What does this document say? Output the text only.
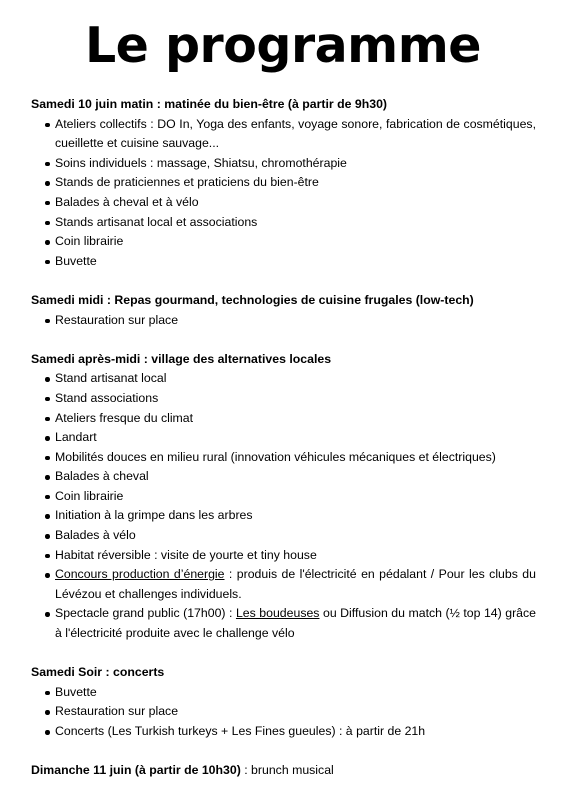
Le programme

Samedi 10 juin matin : matinée du bien-être (à partir de 9h30)

Ateliers collectifs : DO In, Yoga des enfants, voyage sonore, fabrication de cosmétiques, cueillette et cuisine sauvage...
Soins individuels : massage, Shiatsu, chromothérapie
Stands de praticiennes et praticiens du bien-être
Balades à cheval et à vélo
Stands artisanat local et associations
Coin librairie
Buvette

Samedi midi : Repas gourmand, technologies de cuisine frugales (low-tech)

Restauration sur place

Samedi après-midi : village des alternatives locales

Stand artisanat local
Stand associations
Ateliers fresque du climat
Landart
Mobilités douces en milieu rural (innovation véhicules mécaniques et électriques)
Balades à cheval
Coin librairie
Initiation à la grimpe dans les arbres
Balades à vélo
Habitat réversible : visite de yourte et tiny house
Concours production d’énergie : produis de l'électricité en pédalant / Pour les clubs du Lévézou et challenges individuels.
Spectacle grand public (17h00) : Les boudeuses ou Diffusion du match (½ top 14) grâce à l'électricité produite avec le challenge vélo

Samedi Soir : concerts

Buvette
Restauration sur place
Concerts (Les Turkish turkeys + Les Fines gueules) : à partir de 21h

Dimanche 11 juin (à partir de 10h30) : brunch musical
